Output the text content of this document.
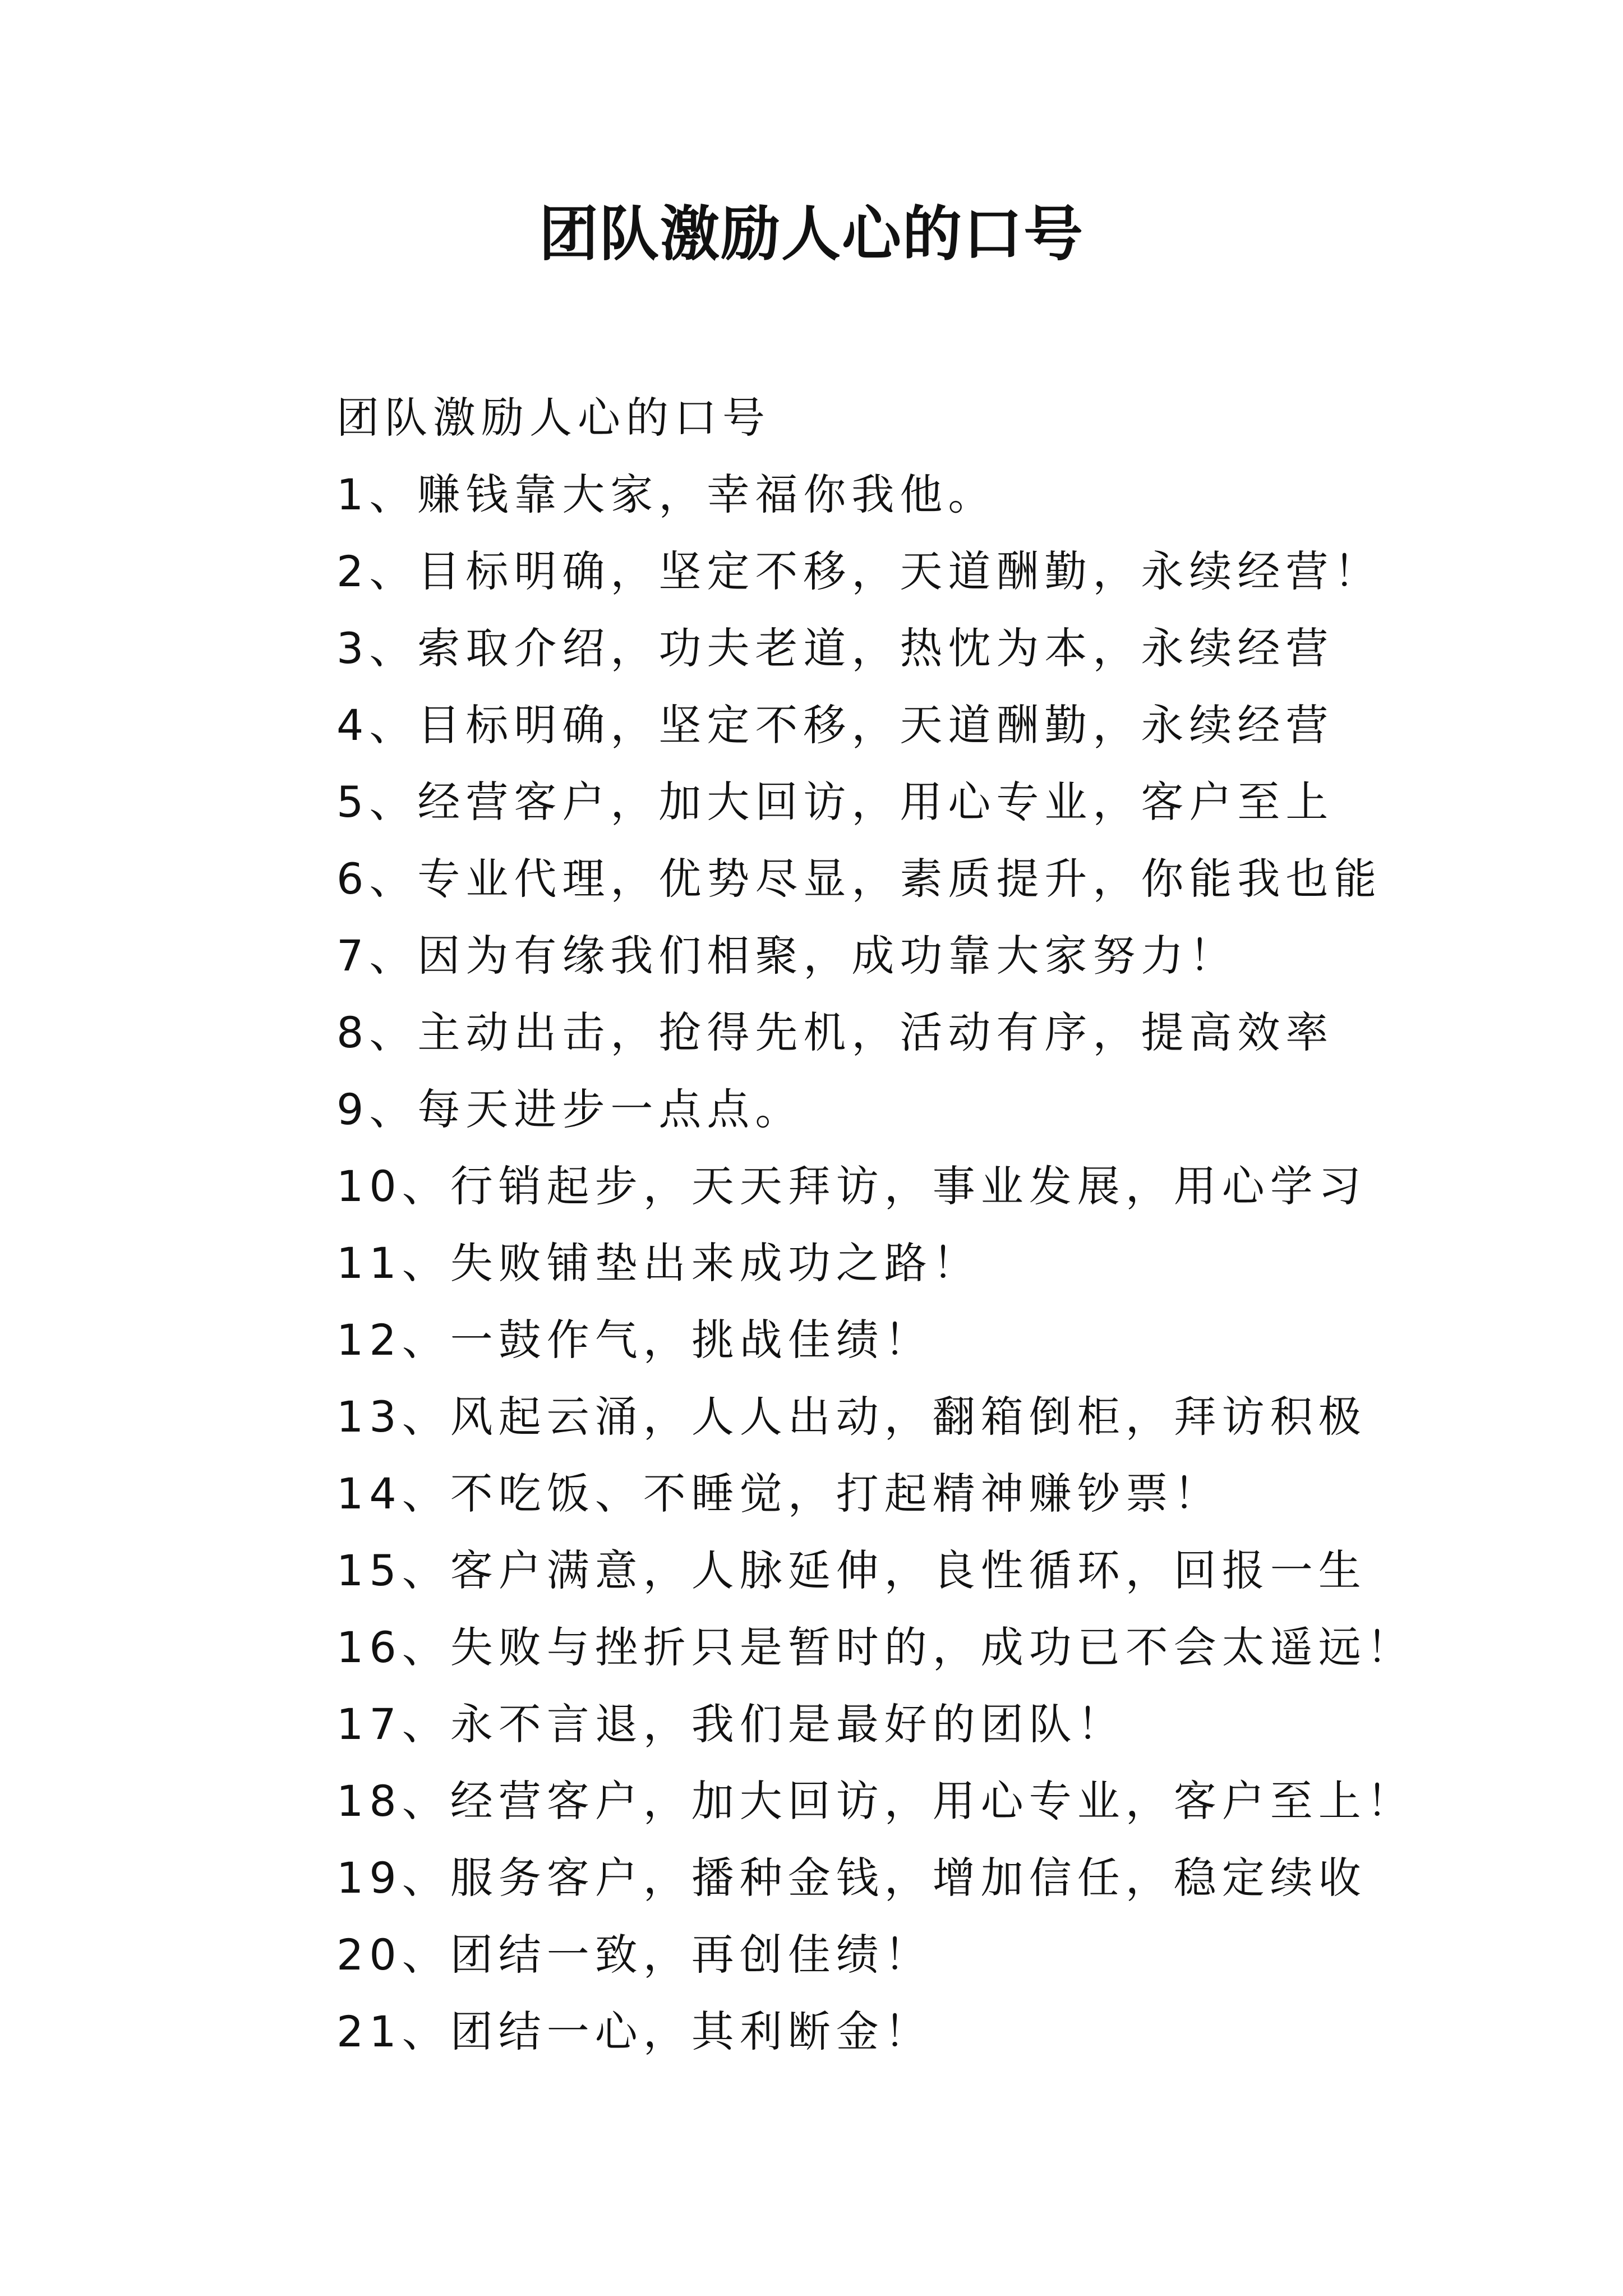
团队激励人心的口号
团队激励人心的口号
1、赚钱靠大家，幸福你我他。
2、目标明确，坚定不移，天道酬勤，永续经营！
3、索取介绍，功夫老道，热忱为本，永续经营
4、目标明确，坚定不移，天道酬勤，永续经营
5、经营客户，加大回访，用心专业，客户至上
6、专业代理，优势尽显，素质提升，你能我也能
7、因为有缘我们相聚，成功靠大家努力！
8、主动出击，抢得先机，活动有序，提高效率
9、每天进步一点点。
10、行销起步，天天拜访，事业发展，用心学习
11、失败铺垫出来成功之路！
12、一鼓作气，挑战佳绩！
13、风起云涌，人人出动，翻箱倒柜，拜访积极
14、不吃饭、不睡觉，打起精神赚钞票！
15、客户满意，人脉延伸，良性循环，回报一生
16、失败与挫折只是暂时的，成功已不会太遥远！
17、永不言退，我们是最好的团队！
18、经营客户，加大回访，用心专业，客户至上！
19、服务客户，播种金钱，增加信任，稳定续收
20、团结一致，再创佳绩！
21、团结一心，其利断金！
